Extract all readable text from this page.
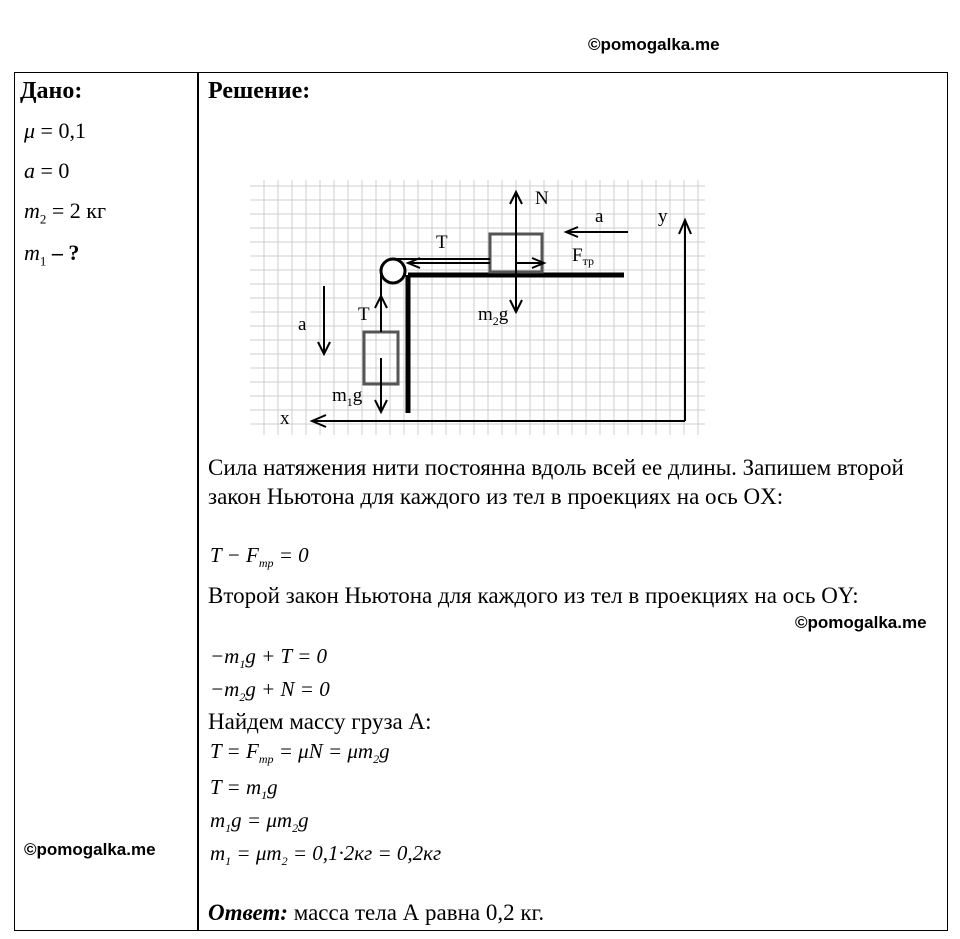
©pomogalka.me
Дано:	Решение:
μ = 0,1
a = 0
$m_2 = 2$ кг
$m_1$ – ?
©pomogalka.me
N
a	y
T
$F_{тр}$
$m_2g$
a	T
$m_1g$
x
Сила натяжения нити постоянна вдоль всей ее длины. Запишем второй закон Ньютона для каждого из тел в проекциях на ось OX:
$T - F_{тр} = 0$
Второй закон Ньютона для каждого из тел в проекциях на ось OY:
©pomogalka.me
$-m_1g + T = 0$
$-m_2g + N = 0$
Найдем массу груза А:
$T = F_{тр} = \mu N = \mu m_2g$
$T = m_1g$
$m_1g = \mu m_2g$
$m_1 = \mu m_2 = 0,1\cdot 2кг = 0,2кг$
Ответ: масса тела А равна 0,2 кг.
